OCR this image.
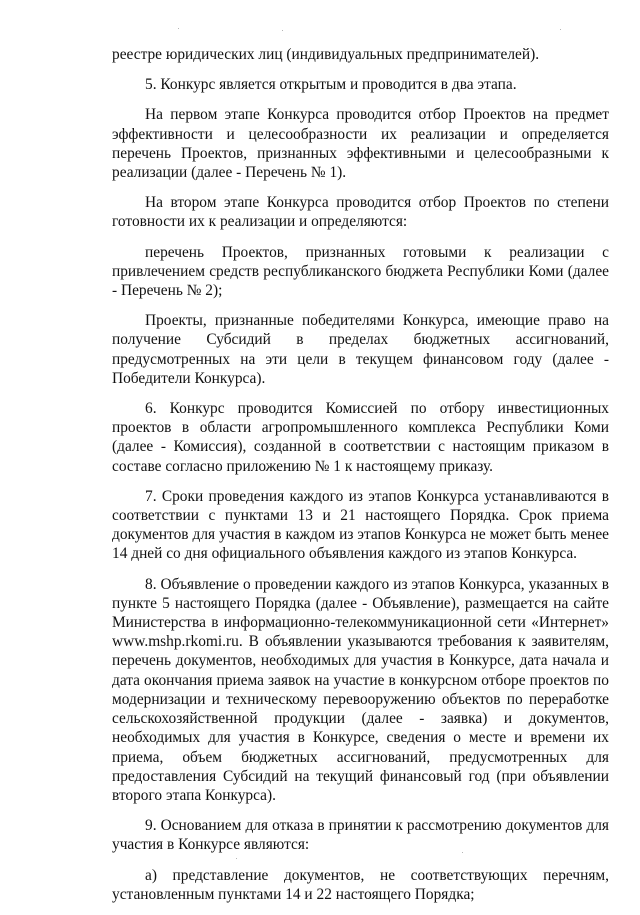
реестре юридических лиц (индивидуальных предпринимателей).

5. Конкурс является открытым и проводится в два этапа.

На первом этапе Конкурса проводится отбор Проектов на предмет эффективности и целесообразности их реализации и определяется перечень Проектов, признанных эффективными и целесообразными к реализации (далее - Перечень № 1).

На втором этапе Конкурса проводится отбор Проектов по степени готовности их к реализации и определяются:

перечень Проектов, признанных готовыми к реализации с привлечением средств республиканского бюджета Республики Коми (далее - Перечень № 2);

Проекты, признанные победителями Конкурса, имеющие право на получение Субсидий в пределах бюджетных ассигнований, предусмотренных на эти цели в текущем финансовом году (далее - Победители Конкурса).

6. Конкурс проводится Комиссией по отбору инвестиционных проектов в области агропромышленного комплекса Республики Коми (далее - Комиссия), созданной в соответствии с настоящим приказом в составе согласно приложению № 1 к настоящему приказу.

7. Сроки проведения каждого из этапов Конкурса устанавливаются в соответствии с пунктами 13 и 21 настоящего Порядка. Срок приема документов для участия в каждом из этапов Конкурса не может быть менее 14 дней со дня официального объявления каждого из этапов Конкурса.

8. Объявление о проведении каждого из этапов Конкурса, указанных в пункте 5 настоящего Порядка (далее - Объявление), размещается на сайте Министерства в информационно-телекоммуникационной сети «Интернет» www.mshp.rkomi.ru. В объявлении указываются требования к заявителям, перечень документов, необходимых для участия в Конкурсе, дата начала и дата окончания приема заявок на участие в конкурсном отборе проектов по модернизации и техническому перевооружению объектов по переработке сельскохозяйственной продукции (далее - заявка) и документов, необходимых для участия в Конкурсе, сведения о месте и времени их приема, объем бюджетных ассигнований, предусмотренных для предоставления Субсидий на текущий финансовый год (при объявлении второго этапа Конкурса).

9. Основанием для отказа в принятии к рассмотрению документов для участия в Конкурсе являются:

а) представление документов, не соответствующих перечням, установленным пунктами 14 и 22 настоящего Порядка;
